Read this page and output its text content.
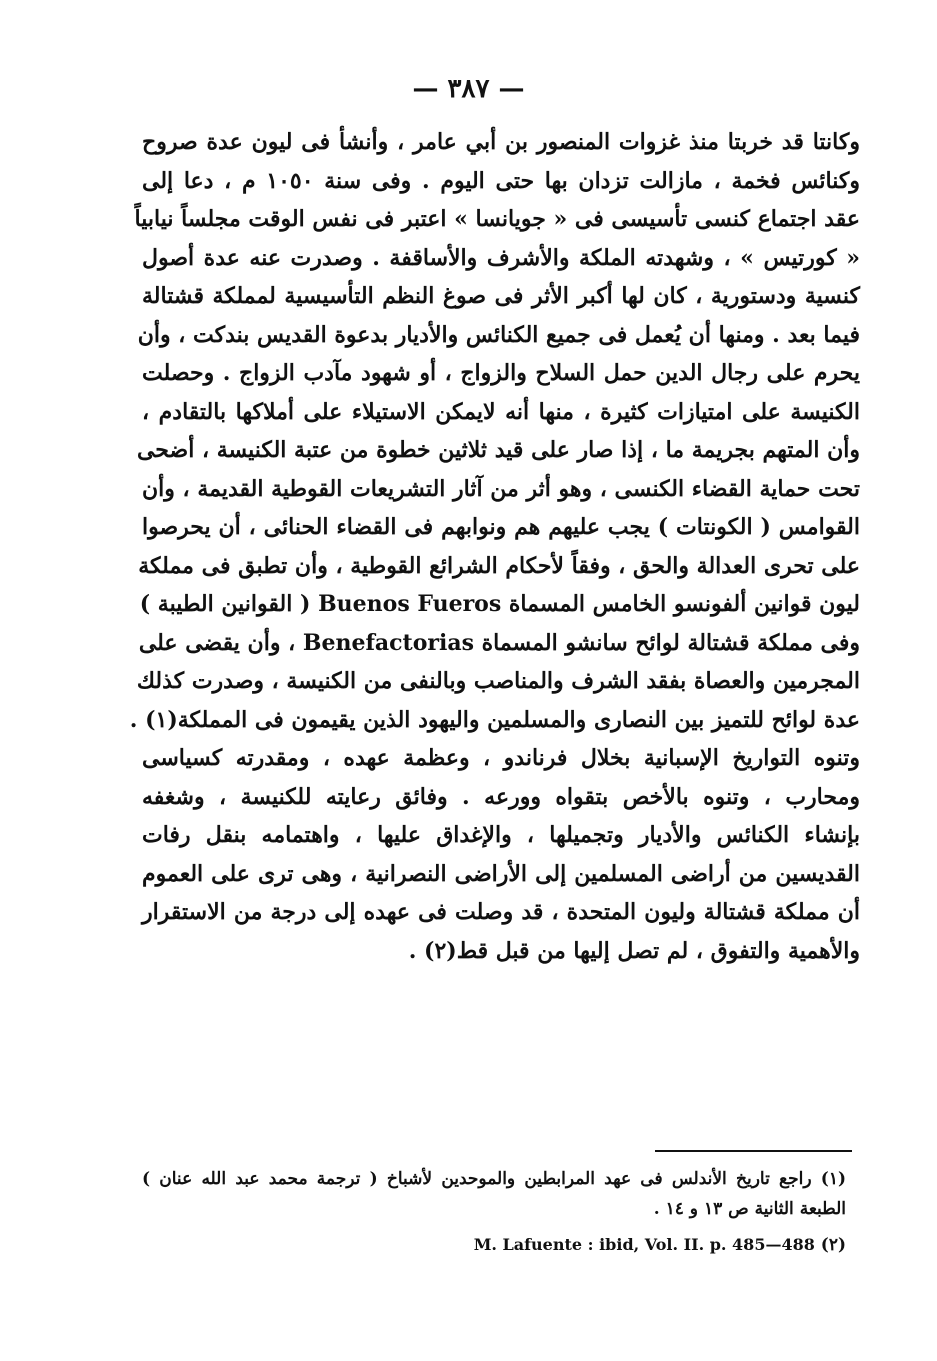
— ٣٨٧ —
وكانتا قد خربتا منذ غزوات المنصور بن أبي عامر ، وأنشأ فى ليون عدة صروح
وكنائس فخمة ، مازالت تزدان بها حتى اليوم . وفى سنة ١٠٥٠ م ، دعا إلى
عقد اجتماع كنسى تأسيسى فى « جويانسا » اعتبر فى نفس الوقت مجلساً نيابياً
« كورتيس » ، وشهدته الملكة والأشرف والأساقفة . وصدرت عنه عدة أصول
كنسية ودستورية ، كان لها أكبر الأثر فى صوغ النظم التأسيسية لمملكة قشتالة
فيما بعد . ومنها أن يُعمل فى جميع الكنائس والأديار بدعوة القديس بندكت ، وأن
يحرم على رجال الدين حمل السلاح والزواج ، أو شهود مآدب الزواج . وحصلت
الكنيسة على امتيازات كثيرة ، منها أنه لايمكن الاستيلاء على أملاكها بالتقادم ،
وأن المتهم بجريمة ما ، إذا صار على قيد ثلاثين خطوة من عتبة الكنيسة ، أضحى
تحت حماية القضاء الكنسى ، وهو أثر من آثار التشريعات القوطية القديمة ، وأن
القوامس ( الكونتات ) يجب عليهم هم ونوابهم فى القضاء الحنائى ، أن يحرصوا
على تحرى العدالة والحق ، وفقاً لأحكام الشرائع القوطية ، وأن تطبق فى مملكة
ليون قوانين ألفونسو الخامس المسماة Buenos Fueros ( القوانين الطيبة )
وفى مملكة قشتالة لوائح سانشو المسماة Benefactorias ، وأن يقضى على
المجرمين والعصاة بفقد الشرف والمناصب وبالنفى من الكنيسة ، وصدرت كذلك
عدة لوائح للتميز بين النصارى والمسلمين واليهود الذين يقيمون فى المملكة(١) .
وتنوه التواريخ الإسبانية بخلال فرناندو ، وعظمة عهده ، ومقدرته كسياسى
ومحارب ، وتنوه بالأخص بتقواه وورعه . وفائق رعايته للكنيسة ، وشغفه
بإنشاء الكنائس والأديار وتجميلها ، والإغداق عليها ، واهتمامه بنقل رفات
القديسين من أراضى المسلمين إلى الأراضى النصرانية ، وهى ترى على العموم
أن مملكة قشتالة وليون المتحدة ، قد وصلت فى عهده إلى درجة من الاستقرار
والأهمية والتفوق ، لم تصل إليها من قبل قط(٢) .
(١) راجع تاريخ الأندلس فى عهد المرابطين والموحدين لأشباخ ( ترجمة محمد عبد الله عنان )
الطبعة الثانية ص ١٣ و ١٤ .
M. Lafuente : ibid, Vol. II. p. 485—488 (٢)
